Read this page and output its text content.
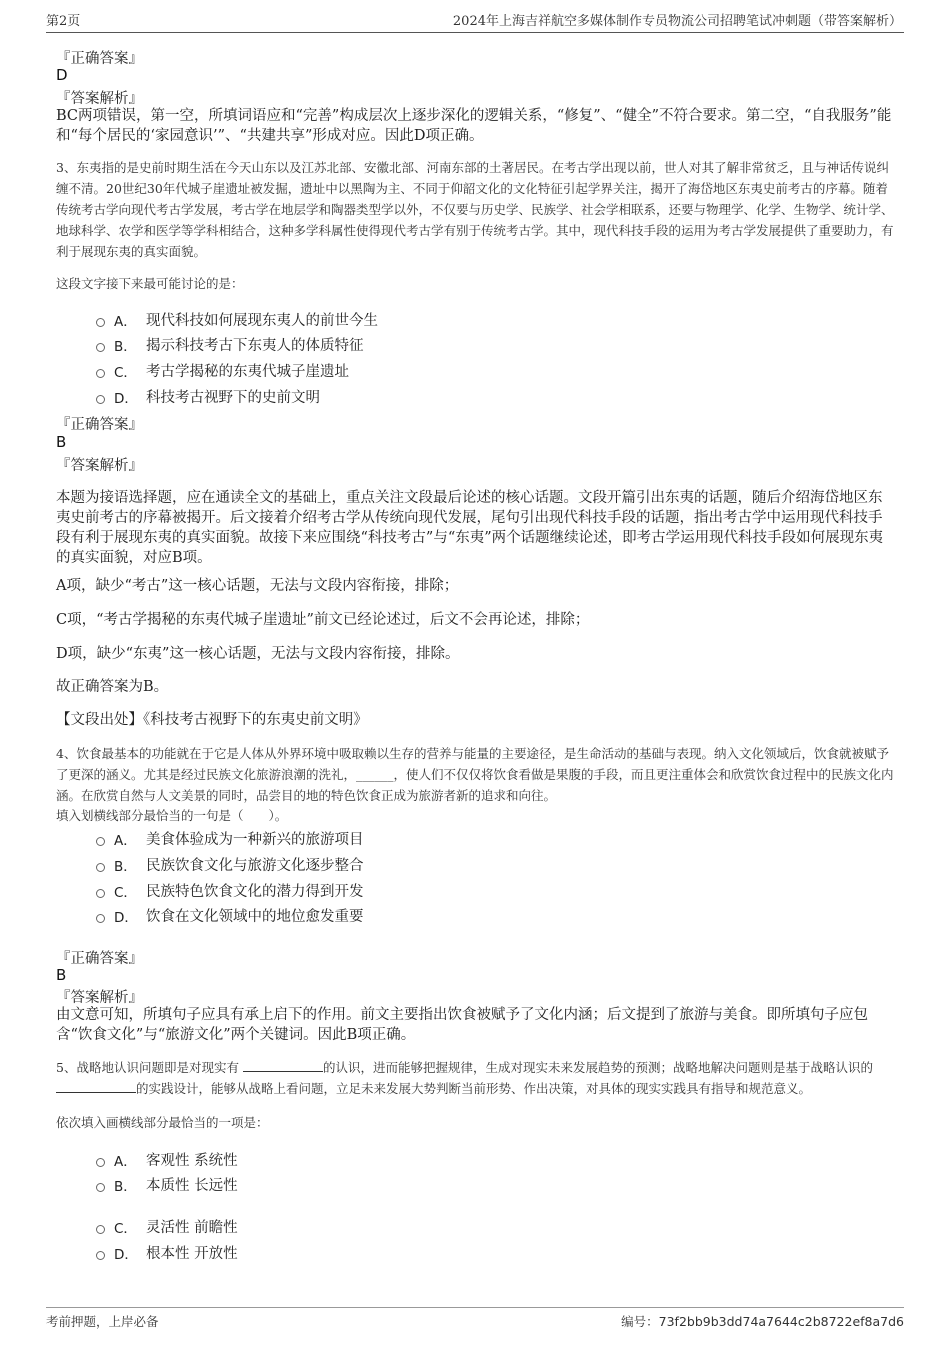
第2页	2024年上海吉祥航空多媒体制作专员物流公司招聘笔试冲刺题（带答案解析）
『正确答案』
D
『答案解析』
BC两项错误，第一空，所填词语应和“完善”构成层次上逐步深化的逻辑关系，“修复”、“健全”不符合要求。第二空，“自我服务”能和“每个居民的‘家园意识’”、“共建共享”形成对应。因此D项正确。
3、东夷指的是史前时期生活在今天山东以及江苏北部、安徽北部、河南东部的土著居民。在考古学出现以前，世人对其了解非常贫乏，且与神话传说纠缠不清。20世纪30年代城子崖遗址被发掘，遗址中以黑陶为主、不同于仰韶文化的文化特征引起学界关注，揭开了海岱地区东夷史前考古的序幕。随着传统考古学向现代考古学发展，考古学在地层学和陶器类型学以外，不仅要与历史学、民族学、社会学相联系，还要与物理学、化学、生物学、统计学、地球科学、农学和医学等学科相结合，这种多学科属性使得现代考古学有别于传统考古学。其中，现代科技手段的运用为考古学发展提供了重要助力，有利于展现东夷的真实面貌。
这段文字接下来最可能讨论的是：
A． 现代科技如何展现东夷人的前世今生
B． 揭示科技考古下东夷人的体质特征
C． 考古学揭秘的东夷代城子崖遗址
D． 科技考古视野下的史前文明
『正确答案』
B
『答案解析』
本题为接语选择题，应在通读全文的基础上，重点关注文段最后论述的核心话题。文段开篇引出东夷的话题，随后介绍海岱地区东夷史前考古的序幕被揭开。后文接着介绍考古学从传统向现代发展，尾句引出现代科技手段的话题，指出考古学中运用现代科技手段有利于展现东夷的真实面貌。故接下来应围绕“科技考古”与“东夷”两个话题继续论述，即考古学运用现代科技手段如何展现东夷的真实面貌，对应B项。
A项，缺少“考古”这一核心话题，无法与文段内容衔接，排除；
C项，“考古学揭秘的东夷代城子崖遗址”前文已经论述过，后文不会再论述，排除；
D项，缺少“东夷”这一核心话题，无法与文段内容衔接，排除。
故正确答案为B。
【文段出处】《科技考古视野下的东夷史前文明》
4、饮食最基本的功能就在于它是人体从外界环境中吸取赖以生存的营养与能量的主要途径，是生命活动的基础与表现。纳入文化领域后，饮食就被赋予了更深的涵义。尤其是经过民族文化旅游浪潮的洗礼，______，使人们不仅仅将饮食看做是果腹的手段，而且更注重体会和欣赏饮食过程中的民族文化内涵。在欣赏自然与人文美景的同时，品尝目的地的特色饮食正成为旅游者新的追求和向往。
填入划横线部分最恰当的一句是（　　）。
A． 美食体验成为一种新兴的旅游项目
B． 民族饮食文化与旅游文化逐步整合
C． 民族特色饮食文化的潜力得到开发
D． 饮食在文化领域中的地位愈发重要
『正确答案』
B
『答案解析』
由文意可知，所填句子应具有承上启下的作用。前文主要指出饮食被赋予了文化内涵；后文提到了旅游与美食。即所填句子应包含“饮食文化”与“旅游文化”两个关键词。因此B项正确。
5、战略地认识问题即是对现实有	的认识，进而能够把握规律，生成对现实未来发展趋势的预测；战略地解决问题则是基于战略认识的 的实践设计，能够从战略上看问题，立足未来发展大势判断当前形势、作出决策，对具体的现实实践具有指导和规范意义。
依次填入画横线部分最恰当的一项是：
A． 客观性 系统性
B． 本质性 长远性
C． 灵活性 前瞻性
D． 根本性 开放性
考前押题，上岸必备	编号：73f2bb9b3dd74a7644c2b8722ef8a7d6
